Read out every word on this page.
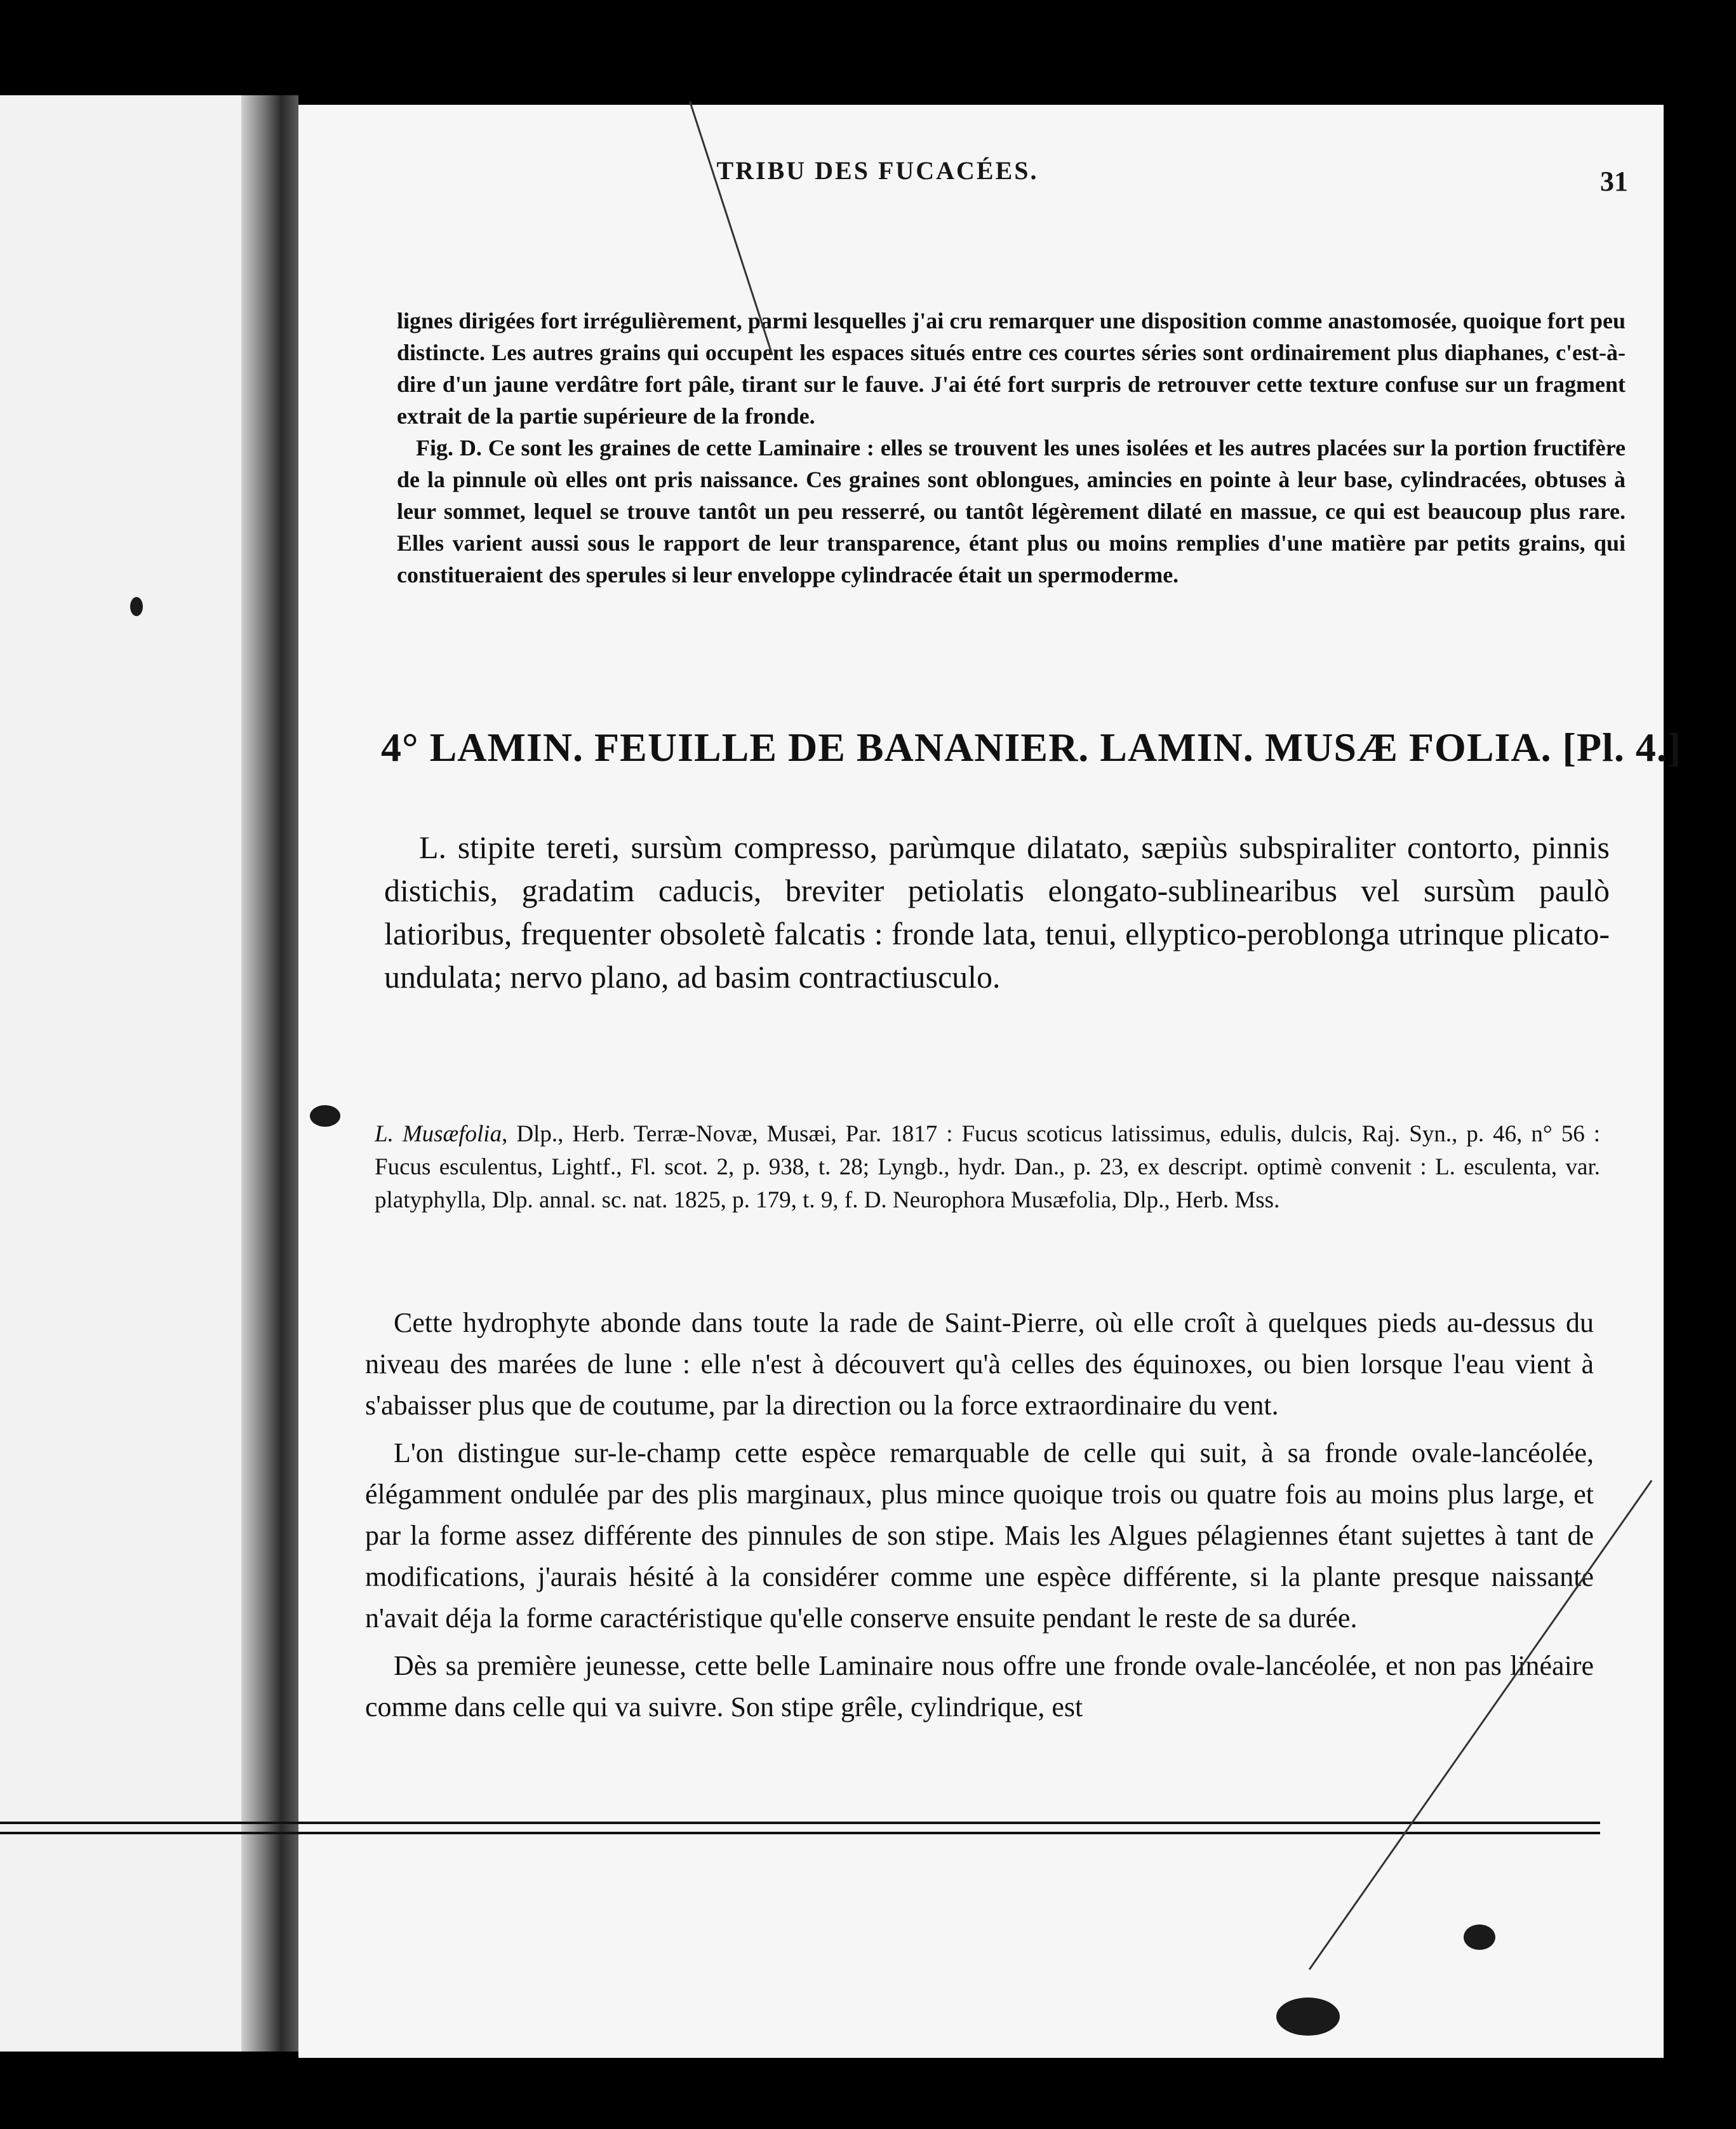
TRIBU DES FUCACÉES.	31

lignes dirigées fort irrégulièrement, parmi lesquelles j'ai cru remarquer une disposition comme anastomosée, quoique fort peu distincte. Les autres grains qui occupent les espaces situés entre ces courtes séries sont ordinairement plus diaphanes, c'est-à-dire d'un jaune verdâtre fort pâle, tirant sur le fauve. J'ai été fort surpris de retrouver cette texture confuse sur un fragment extrait de la partie supérieure de la fronde.

Fig. D. Ce sont les graines de cette Laminaire : elles se trouvent les unes isolées et les autres placées sur la portion fructifère de la pinnule où elles ont pris naissance. Ces graines sont oblongues, amincies en pointe à leur base, cylindracées, obtuses à leur sommet, lequel se trouve tantôt un peu resserré, ou tantôt légèrement dilaté en massue, ce qui est beaucoup plus rare. Elles varient aussi sous le rapport de leur transparence, étant plus ou moins remplies d'une matière par petits grains, qui constitueraient des sperules si leur enveloppe cylindracée était un spermoderme.

4° LAMIN. FEUILLE DE BANANIER. LAMIN. MUSÆ FOLIA. [Pl. 4.]
L. stipite tereti, sursùm compresso, parùmque dilatato, sæpiùs subspiraliter contorto, pinnis distichis, gradatim caducis, breviter petiolatis elongato-sublinearibus vel sursùm paulò latioribus, frequenter obsoletè falcatis : fronde lata, tenui, ellyptico-peroblonga utrinque plicato-undulata; nervo plano, ad basim contractiusculo.
L. Musæfolia, Dlp., Herb. Terræ-Novæ, Musæi, Par. 1817 : Fucus scoticus latissimus, edulis, dulcis, Raj. Syn., p. 46, n° 56 : Fucus esculentus, Lightf., Fl. scot. 2, p. 938, t. 28; Lyngb., hydr. Dan., p. 23, ex descript. optimè convenit : L. esculenta, var. platyphylla, Dlp. annal. sc. nat. 1825, p. 179, t. 9, f. D. Neurophora Musæfolia, Dlp., Herb. Mss.

Cette hydrophyte abonde dans toute la rade de Saint-Pierre, où elle croît à quelques pieds au-dessus du niveau des marées de lune : elle n'est à découvert qu'à celles des équinoxes, ou bien lorsque l'eau vient à s'abaisser plus que de coutume, par la direction ou la force extraordinaire du vent.

L'on distingue sur-le-champ cette espèce remarquable de celle qui suit, à sa fronde ovale-lancéolée, élégamment ondulée par des plis marginaux, plus mince quoique trois ou quatre fois au moins plus large, et par la forme assez différente des pinnules de son stipe. Mais les Algues pélagiennes étant sujettes à tant de modifications, j'aurais hésité à la considérer comme une espèce différente, si la plante presque naissante n'avait déja la forme caractéristique qu'elle conserve ensuite pendant le reste de sa durée.

Dès sa première jeunesse, cette belle Laminaire nous offre une fronde ovale-lancéolée, et non pas linéaire comme dans celle qui va suivre. Son stipe grêle, cylindrique, est
